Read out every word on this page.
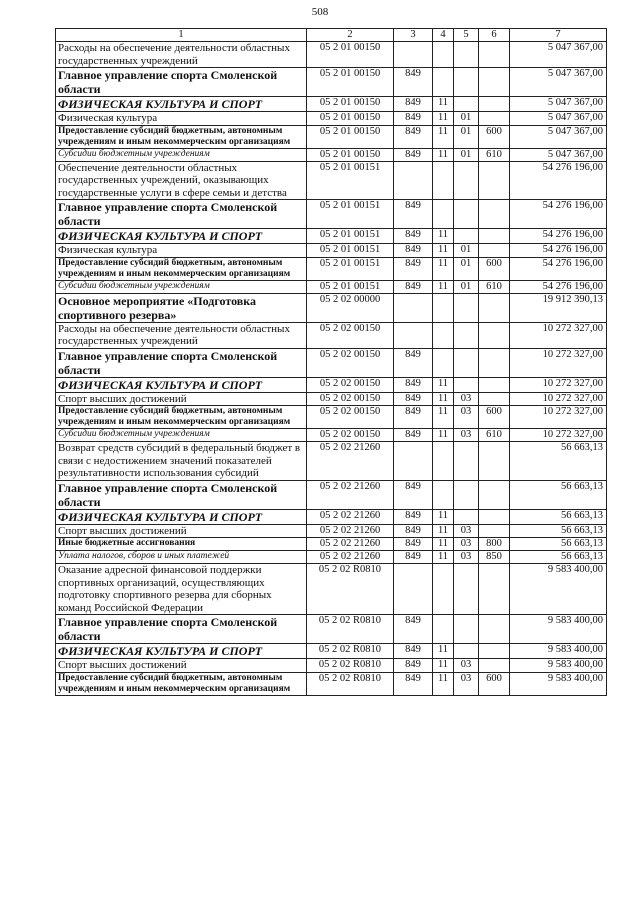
508
1	2	3	4	5	6	7
Расходы на обеспечение деятельности областных государственных учреждений	05 2 01 00150					5 047 367,00
Главное управление спорта Смоленской области	05 2 01 00150	849				5 047 367,00
ФИЗИЧЕСКАЯ КУЛЬТУРА И СПОРТ	05 2 01 00150	849	11			5 047 367,00
Физическая культура	05 2 01 00150	849	11	01		5 047 367,00
Предоставление субсидий бюджетным, автономным учреждениям и иным некоммерческим организациям	05 2 01 00150	849	11	01	600	5 047 367,00
Субсидии бюджетным учреждениям	05 2 01 00150	849	11	01	610	5 047 367,00
Обеспечение деятельности областных государственных учреждений, оказывающих государственные услуги в сфере семьи и детства	05 2 01 00151					54 276 196,00
Главное управление спорта Смоленской области	05 2 01 00151	849				54 276 196,00
ФИЗИЧЕСКАЯ КУЛЬТУРА И СПОРТ	05 2 01 00151	849	11			54 276 196,00
Физическая культура	05 2 01 00151	849	11	01		54 276 196,00
Предоставление субсидий бюджетным, автономным учреждениям и иным некоммерческим организациям	05 2 01 00151	849	11	01	600	54 276 196,00
Субсидии бюджетным учреждениям	05 2 01 00151	849	11	01	610	54 276 196,00
Основное мероприятие «Подготовка спортивного резерва»	05 2 02 00000					19 912 390,13
Расходы на обеспечение деятельности областных государственных учреждений	05 2 02 00150					10 272 327,00
Главное управление спорта Смоленской области	05 2 02 00150	849				10 272 327,00
ФИЗИЧЕСКАЯ КУЛЬТУРА И СПОРТ	05 2 02 00150	849	11			10 272 327,00
Спорт высших достижений	05 2 02 00150	849	11	03		10 272 327,00
Предоставление субсидий бюджетным, автономным учреждениям и иным некоммерческим организациям	05 2 02 00150	849	11	03	600	10 272 327,00
Субсидии бюджетным учреждениям	05 2 02 00150	849	11	03	610	10 272 327,00
Возврат средств субсидий в федеральный бюджет в связи с недостижением значений показателей результативности использования субсидий	05 2 02 21260					56 663,13
Главное управление спорта Смоленской области	05 2 02 21260	849				56 663,13
ФИЗИЧЕСКАЯ КУЛЬТУРА И СПОРТ	05 2 02 21260	849	11			56 663,13
Спорт высших достижений	05 2 02 21260	849	11	03		56 663,13
Иные бюджетные ассигнования	05 2 02 21260	849	11	03	800	56 663,13
Уплата налогов, сборов и иных платежей	05 2 02 21260	849	11	03	850	56 663,13
Оказание адресной финансовой поддержки спортивных организаций, осуществляющих подготовку спортивного резерва для сборных команд Российской Федерации	05 2 02 R0810					9 583 400,00
Главное управление спорта Смоленской области	05 2 02 R0810	849				9 583 400,00
ФИЗИЧЕСКАЯ КУЛЬТУРА И СПОРТ	05 2 02 R0810	849	11			9 583 400,00
Спорт высших достижений	05 2 02 R0810	849	11	03		9 583 400,00
Предоставление субсидий бюджетным, автономным учреждениям и иным некоммерческим организациям	05 2 02 R0810	849	11	03	600	9 583 400,00
